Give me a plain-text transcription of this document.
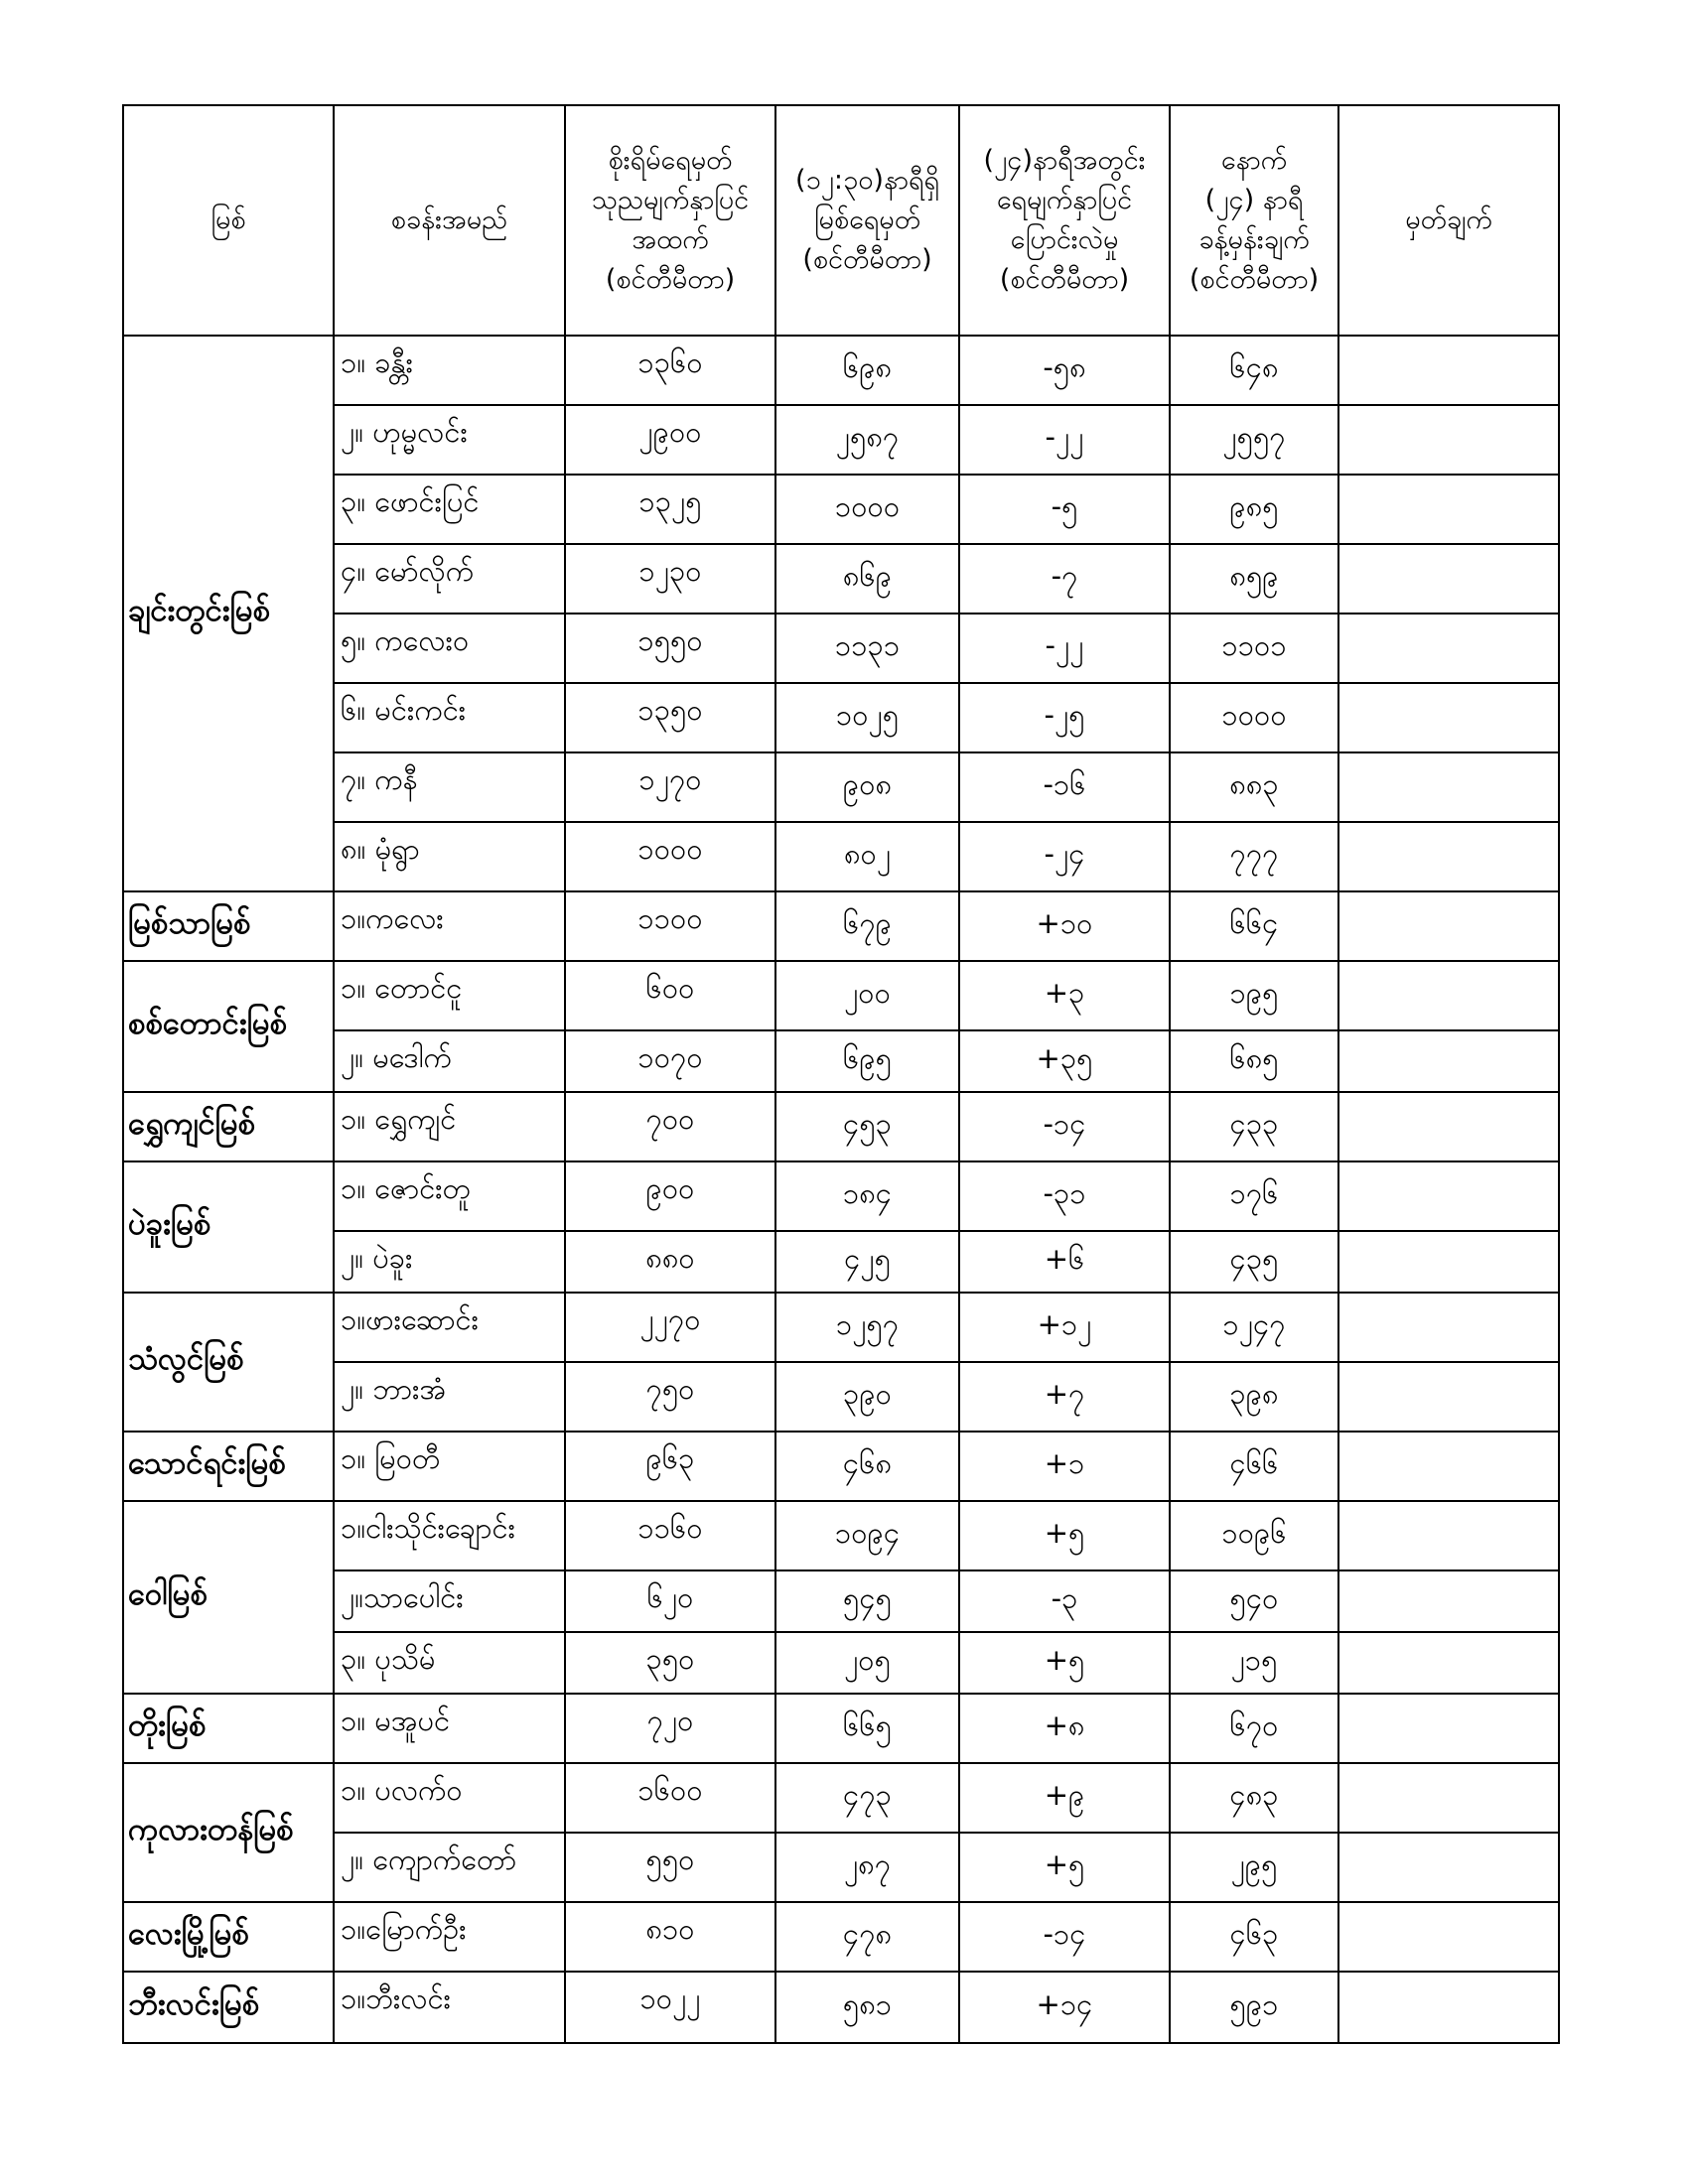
မြစ်	စခန်းအမည်	စိုးရိမ်ရေမှတ်
သုညမျက်နှာပြင်
အထက်
(စင်တီမီတာ)	(၁၂:၃၀)နာရီရှိ
မြစ်ရေမှတ်
(စင်တီမီတာ)	(၂၄)နာရီအတွင်း
ရေမျက်နှာပြင်
ပြောင်းလဲမှု
(စင်တီမီတာ)	နောက်
(၂၄) နာရီ
ခန့်မှန်းချက်
(စင်တီမီတာ)	မှတ်ချက်
ချင်းတွင်းမြစ်	၁။ ခန္တီး	၁၃၆၀	၆၉၈	-၅၈	၆၄၈	
	၂။ ဟုမ္မလင်း	၂၉၀၀	၂၅၈၇	-၂၂	၂၅၅၇	
	၃။ ဖောင်းပြင်	၁၃၂၅	၁၀၀၀	-၅	၉၈၅	
	၄။ မော်လိုက်	၁၂၃၀	၈၆၉	-၇	၈၅၉	
	၅။ ကလေးဝ	၁၅၅၀	၁၁၃၁	-၂၂	၁၁၀၁	
	၆။ မင်းကင်း	၁၃၅၀	၁၀၂၅	-၂၅	၁၀၀၀	
	၇။ ကနီ	၁၂၇၀	၉၀၈	-၁၆	၈၈၃	
	၈။ မုံရွာ	၁၀၀၀	၈၀၂	-၂၄	၇၇၇	
မြစ်သာမြစ်	၁။ကလေး	၁၁၀၀	၆၇၉	+၁၀	၆၆၄	
စစ်တောင်းမြစ်	၁။ တောင်ငူ	၆၀၀	၂၀၀	+၃	၁၉၅	
	၂။ မဒေါက်	၁၀၇၀	၆၉၅	+၃၅	၆၈၅	
ရွှေကျင်မြစ်	၁။ ရွှေကျင်	၇၀၀	၄၅၃	-၁၄	၄၃၃	
ပဲခူးမြစ်	၁။ ဇောင်းတူ	၉၀၀	၁၈၄	-၃၁	၁၇၆	
	၂။ ပဲခူး	၈၈၀	၄၂၅	+၆	၄၃၅	
သံလွင်မြစ်	၁။ဖားဆောင်း	၂၂၇၀	၁၂၅၇	+၁၂	၁၂၄၇	
	၂။ ဘားအံ	၇၅၀	၃၉၀	+၇	၃၉၈	
သောင်ရင်းမြစ်	၁။ မြဝတီ	၉၆၃	၄၆၈	+၁	၄၆၆	
ဝေါမြစ်	၁။ငါးသိုင်းချောင်း	၁၁၆၀	၁၀၉၄	+၅	၁၀၉၆	
	၂။သာပေါင်း	၆၂၀	၅၄၅	-၃	၅၄၀	
	၃။ ပုသိမ်	၃၅၀	၂၀၅	+၅	၂၁၅	
တိုးမြစ်	၁။ မအူပင်	၇၂၀	၆၆၅	+၈	၆၇၀	
ကုလားတန်မြစ်	၁။ ပလက်ဝ	၁၆၀၀	၄၇၃	+၉	၄၈၃	
	၂။ ကျောက်တော်	၅၅၀	၂၈၇	+၅	၂၉၅	
လေးမြို့မြစ်	၁။မြောက်ဦး	၈၁၀	၄၇၈	-၁၄	၄၆၃	
ဘီးလင်းမြစ်	၁။ဘီးလင်း	၁၀၂၂	၅၈၁	+၁၄	၅၉၁	
